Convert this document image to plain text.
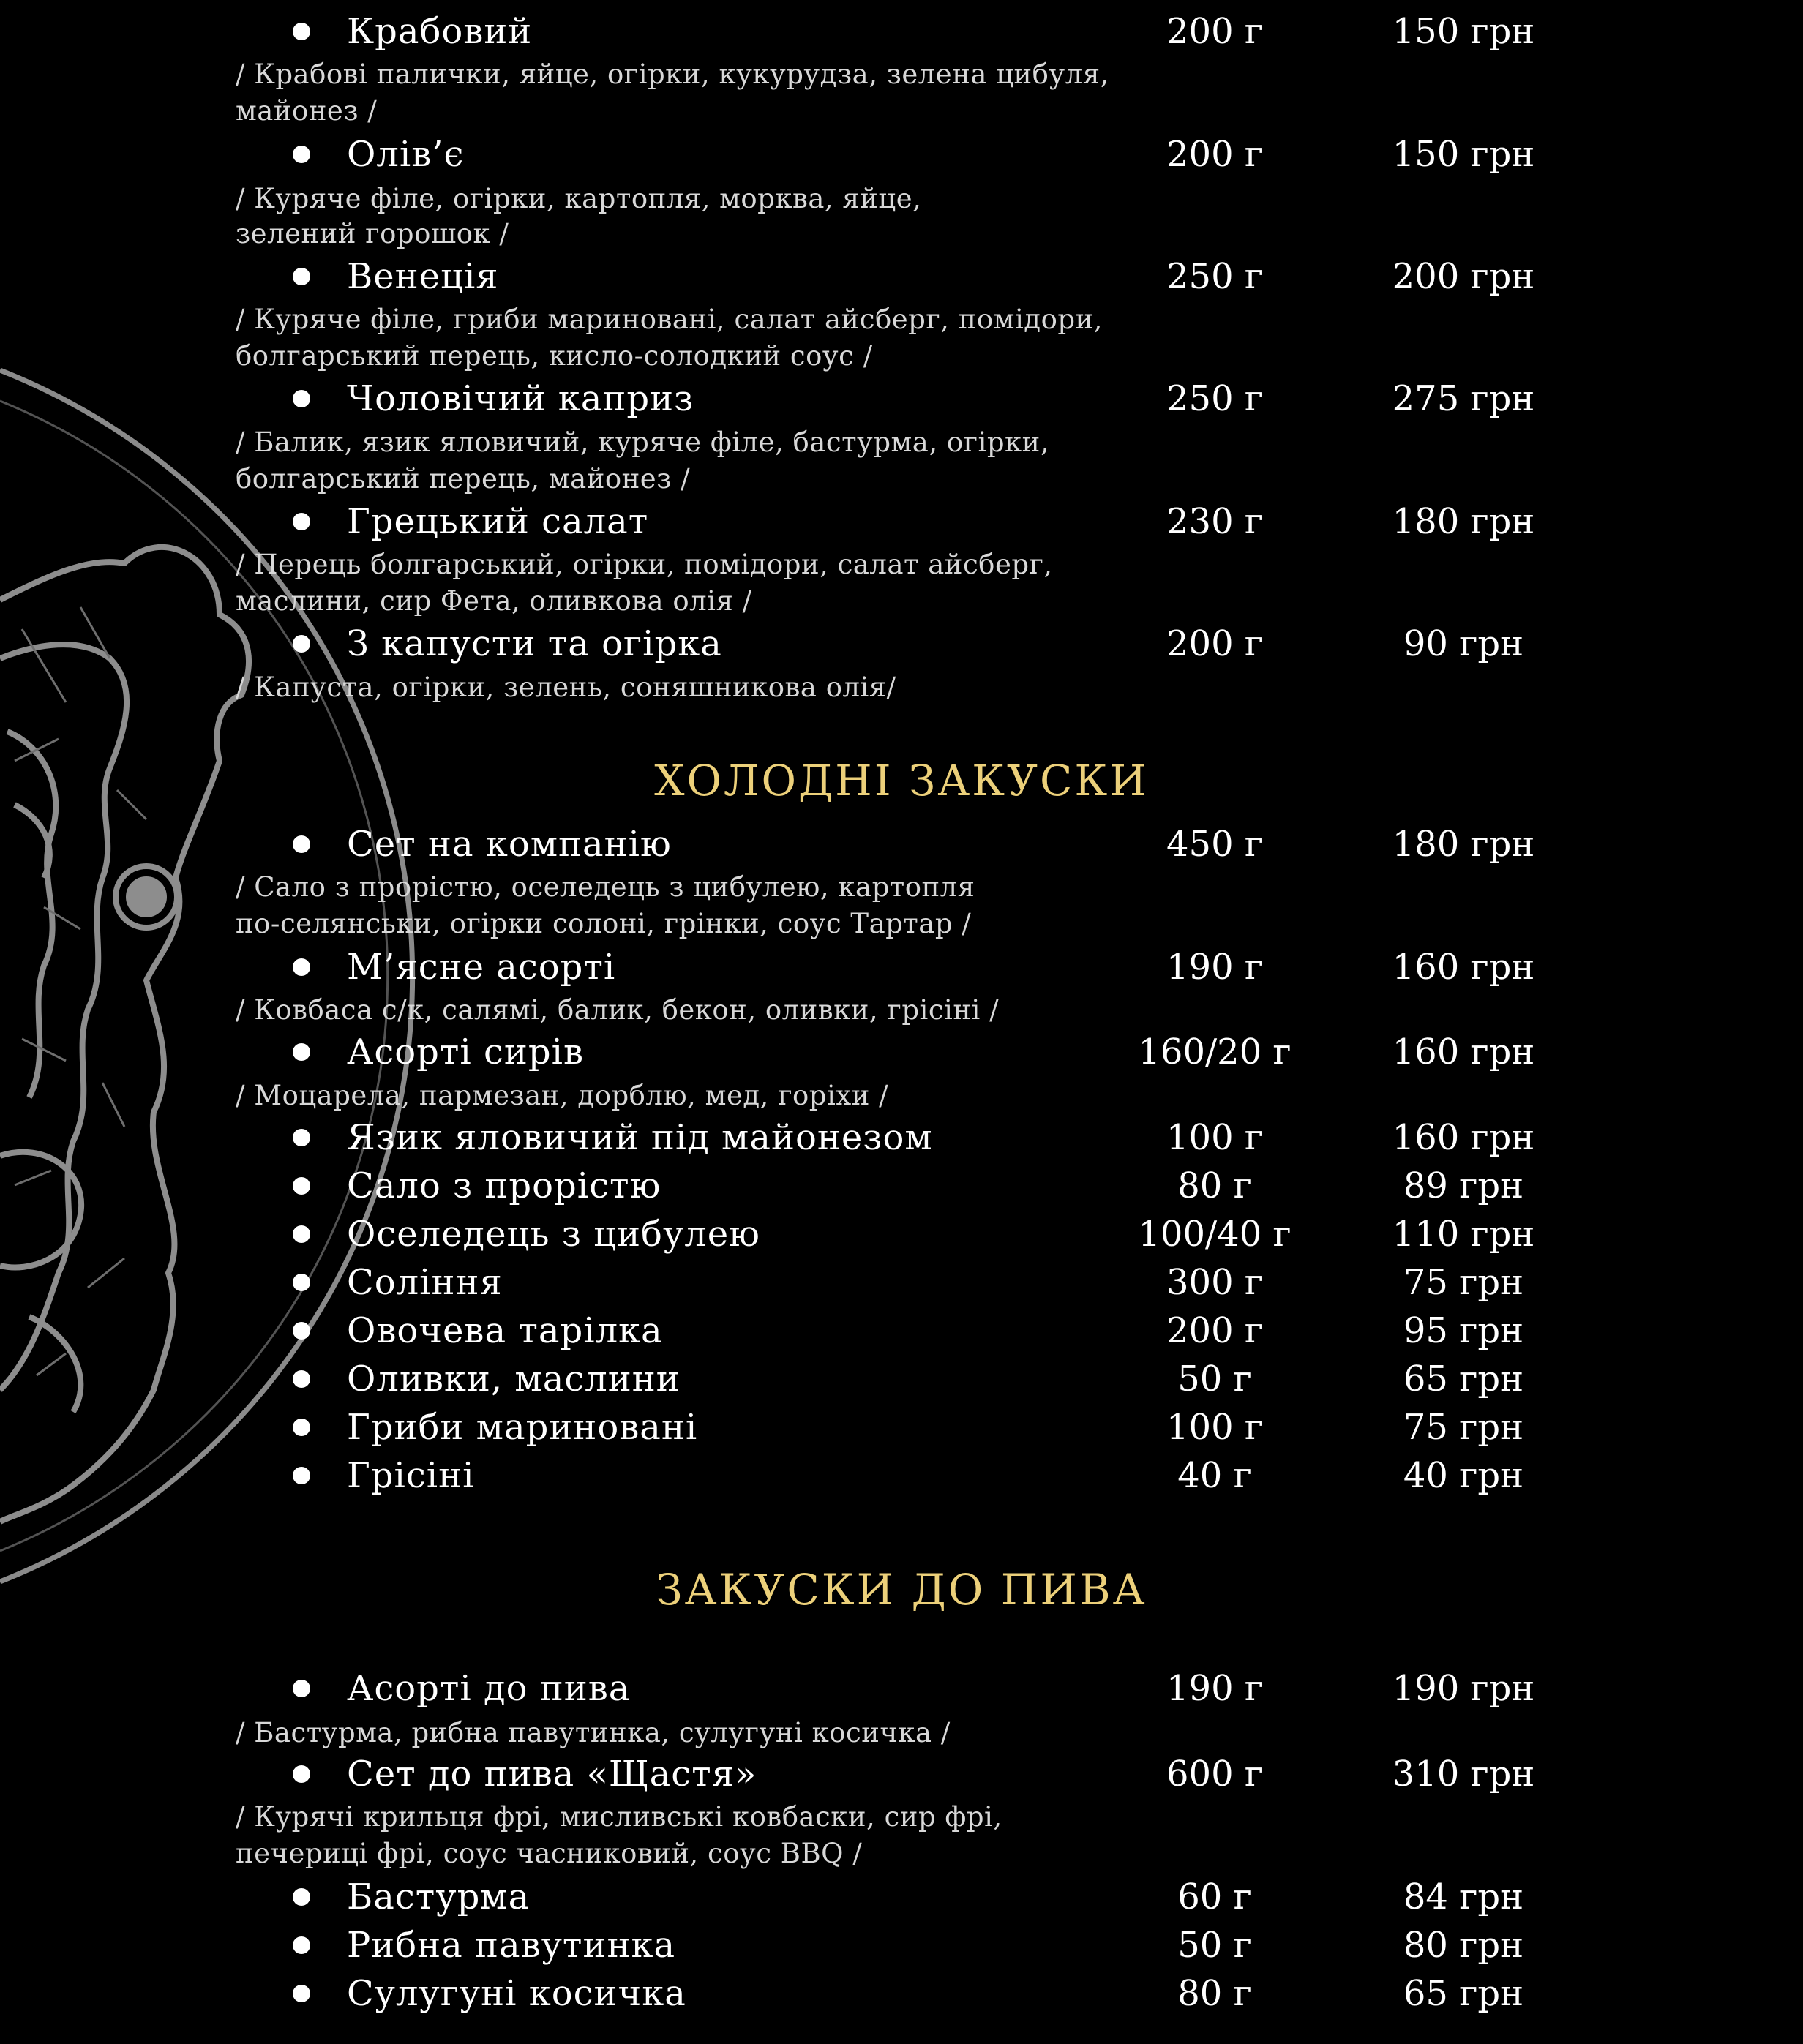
Крабовий	200 г	150 грн
/ Крабові палички, яйце, огірки, кукурудза, зелена цибуля,
майонез /
Олів’є	200 г	150 грн
/ Куряче філе, огірки, картопля, морква, яйце,
зелений горошок /
Венеція	250 г	200 грн
/ Куряче філе, гриби мариновані, салат айсберг, помідори,
болгарський перець, кисло-солодкий соус /
Чоловічий каприз	250 г	275 грн
/ Балик, язик яловичий, куряче філе, бастурма, огірки,
болгарський перець, майонез /
Грецький салат	230 г	180 грн
/ Перець болгарський, огірки, помідори, салат айсберг,
маслини, сир Фета, оливкова олія /
З капусти та огірка	200 г	90 грн
/ Капуста, огірки, зелень, соняшникова олія/
ХОЛОДНІ ЗАКУСКИ
Сет на компанію	450 г	180 грн
/ Сало з прорістю, оселедець з цибулею, картопля
по-селянськи, огірки солоні, грінки, соус Тартар /
М’ясне асорті	190 г	160 грн
/ Ковбаса с/к, салямі, балик, бекон, оливки, грісіні /
Асорті сирів	160/20 г	160 грн
/ Моцарела, пармезан, дорблю, мед, горіхи /
Язик яловичий під майонезом	100 г	160 грн
Сало з прорістю	80 г	89 грн
Оселедець з цибулею	100/40 г	110 грн
Соління	300 г	75 грн
Овочева тарілка	200 г	95 грн
Оливки, маслини	50 г	65 грн
Гриби мариновані	100 г	75 грн
Грісіні	40 г	40 грн
ЗАКУСКИ ДО ПИВА
Асорті до пива	190 г	190 грн
/ Бастурма, рибна павутинка, сулугуні косичка /
Сет до пива «Щастя»	600 г	310 грн
/ Курячі крильця фрі, мисливські ковбаски, сир фрі,
печериці фрі, соус часниковий, соус BBQ /
Бастурма	60 г	84 грн
Рибна павутинка	50 г	80 грн
Сулугуні косичка	80 г	65 грн
